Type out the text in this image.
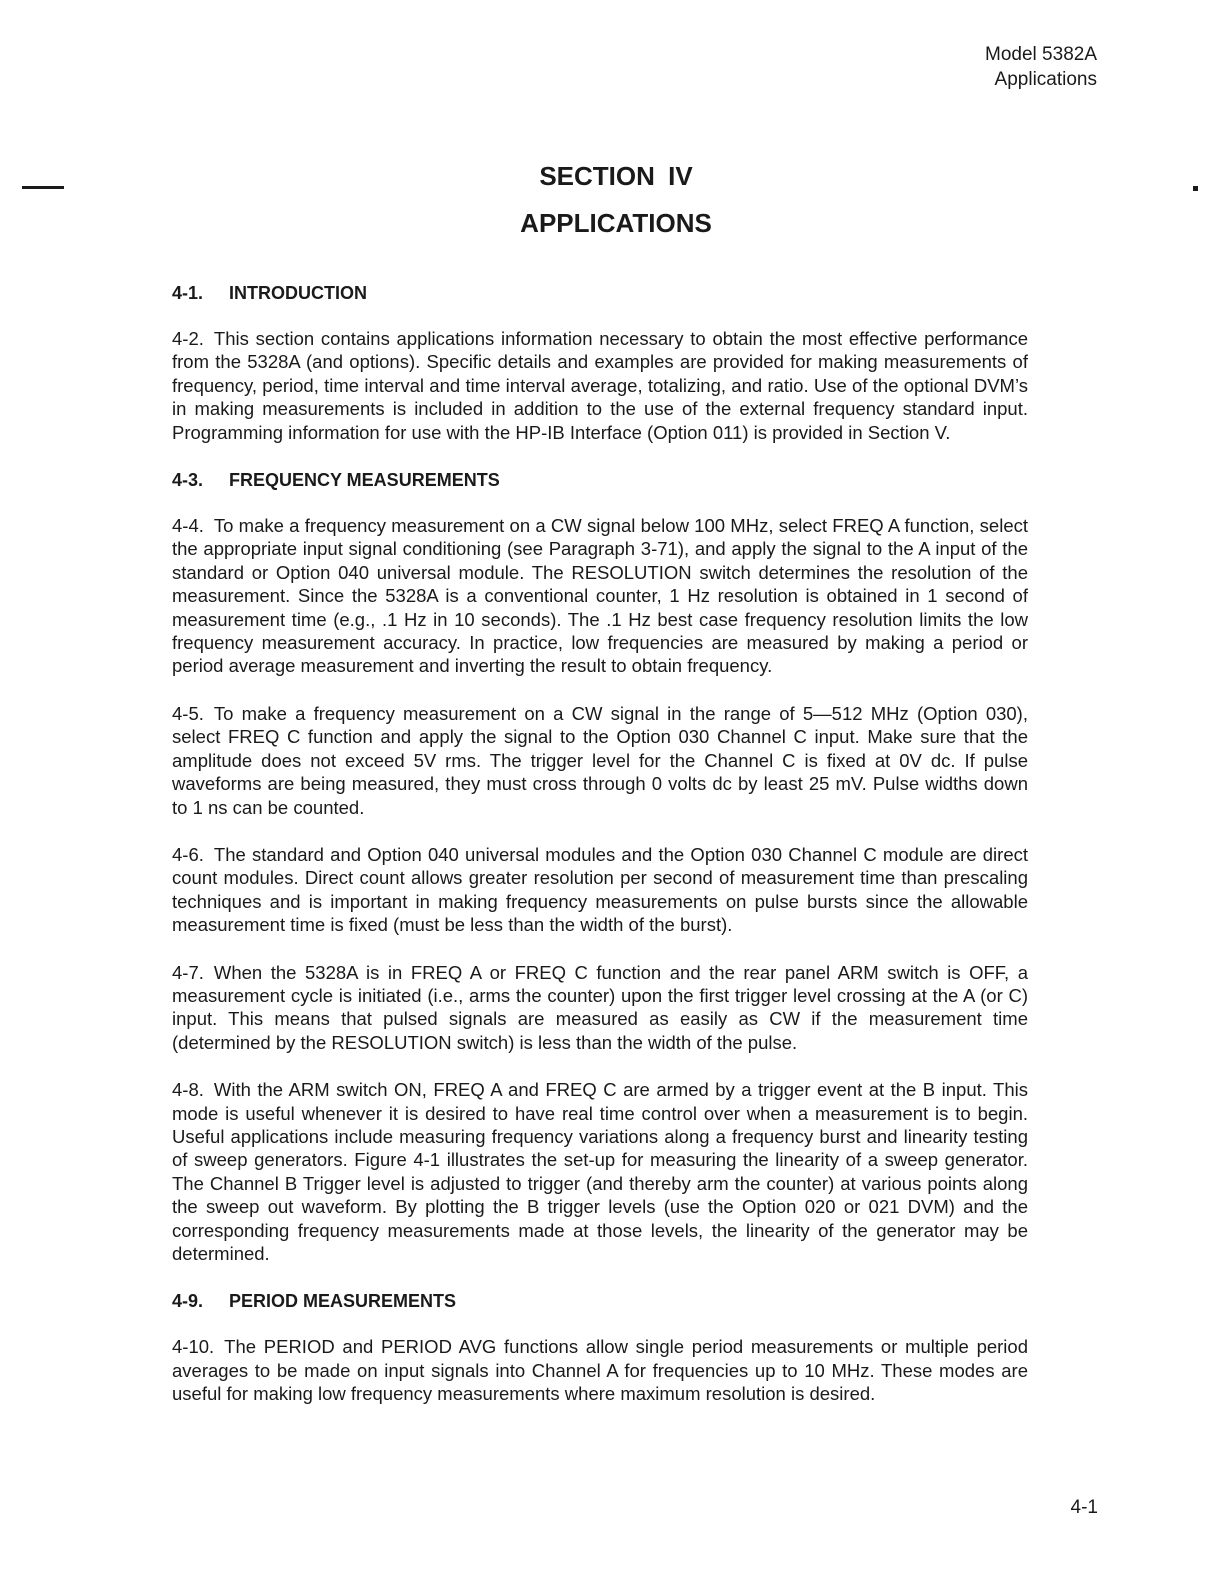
Model 5382A
Applications
SECTION IV
APPLICATIONS
4-1. INTRODUCTION

4-2. This section contains applications information necessary to obtain the most effective performance from the 5328A (and options). Specific details and examples are provided for making measurements of frequency, period, time interval and time interval average, totalizing, and ratio. Use of the optional DVM’s in making measurements is included in addition to the use of the external frequency standard input. Programming information for use with the HP-IB Interface (Option 011) is provided in Section V.

4-3. FREQUENCY MEASUREMENTS

4-4. To make a frequency measurement on a CW signal below 100 MHz, select FREQ A function, select the appropriate input signal conditioning (see Paragraph 3-71), and apply the signal to the A input of the standard or Option 040 universal module. The RESOLUTION switch determines the resolution of the measurement. Since the 5328A is a conventional counter, 1 Hz resolution is obtained in 1 second of measurement time (e.g., .1 Hz in 10 seconds). The .1 Hz best case frequency resolution limits the low frequency measurement accuracy. In practice, low frequencies are measured by making a period or period average measurement and inverting the result to obtain frequency.

4-5. To make a frequency measurement on a CW signal in the range of 5—512 MHz (Option 030), select FREQ C function and apply the signal to the Option 030 Channel C input. Make sure that the amplitude does not exceed 5V rms. The trigger level for the Channel C is fixed at 0V dc. If pulse waveforms are being measured, they must cross through 0 volts dc by least 25 mV. Pulse widths down to 1 ns can be counted.

4-6. The standard and Option 040 universal modules and the Option 030 Channel C module are direct count modules. Direct count allows greater resolution per second of measurement time than prescaling techniques and is important in making frequency measurements on pulse bursts since the allowable measurement time is fixed (must be less than the width of the burst).

4-7. When the 5328A is in FREQ A or FREQ C function and the rear panel ARM switch is OFF, a measurement cycle is initiated (i.e., arms the counter) upon the first trigger level crossing at the A (or C) input. This means that pulsed signals are measured as easily as CW if the measurement time (determined by the RESOLUTION switch) is less than the width of the pulse.

4-8. With the ARM switch ON, FREQ A and FREQ C are armed by a trigger event at the B input. This mode is useful whenever it is desired to have real time control over when a measurement is to begin. Useful applications include measuring frequency variations along a frequency burst and linearity testing of sweep generators. Figure 4-1 illustrates the set-up for measuring the linearity of a sweep generator. The Channel B Trigger level is adjusted to trigger (and thereby arm the counter) at various points along the sweep out waveform. By plotting the B trigger levels (use the Option 020 or 021 DVM) and the corresponding frequency measurements made at those levels, the linearity of the generator may be determined.

4-9. PERIOD MEASUREMENTS

4-10. The PERIOD and PERIOD AVG functions allow single period measurements or multiple period averages to be made on input signals into Channel A for frequencies up to 10 MHz. These modes are useful for making low frequency measurements where maximum resolution is desired.

4-1
